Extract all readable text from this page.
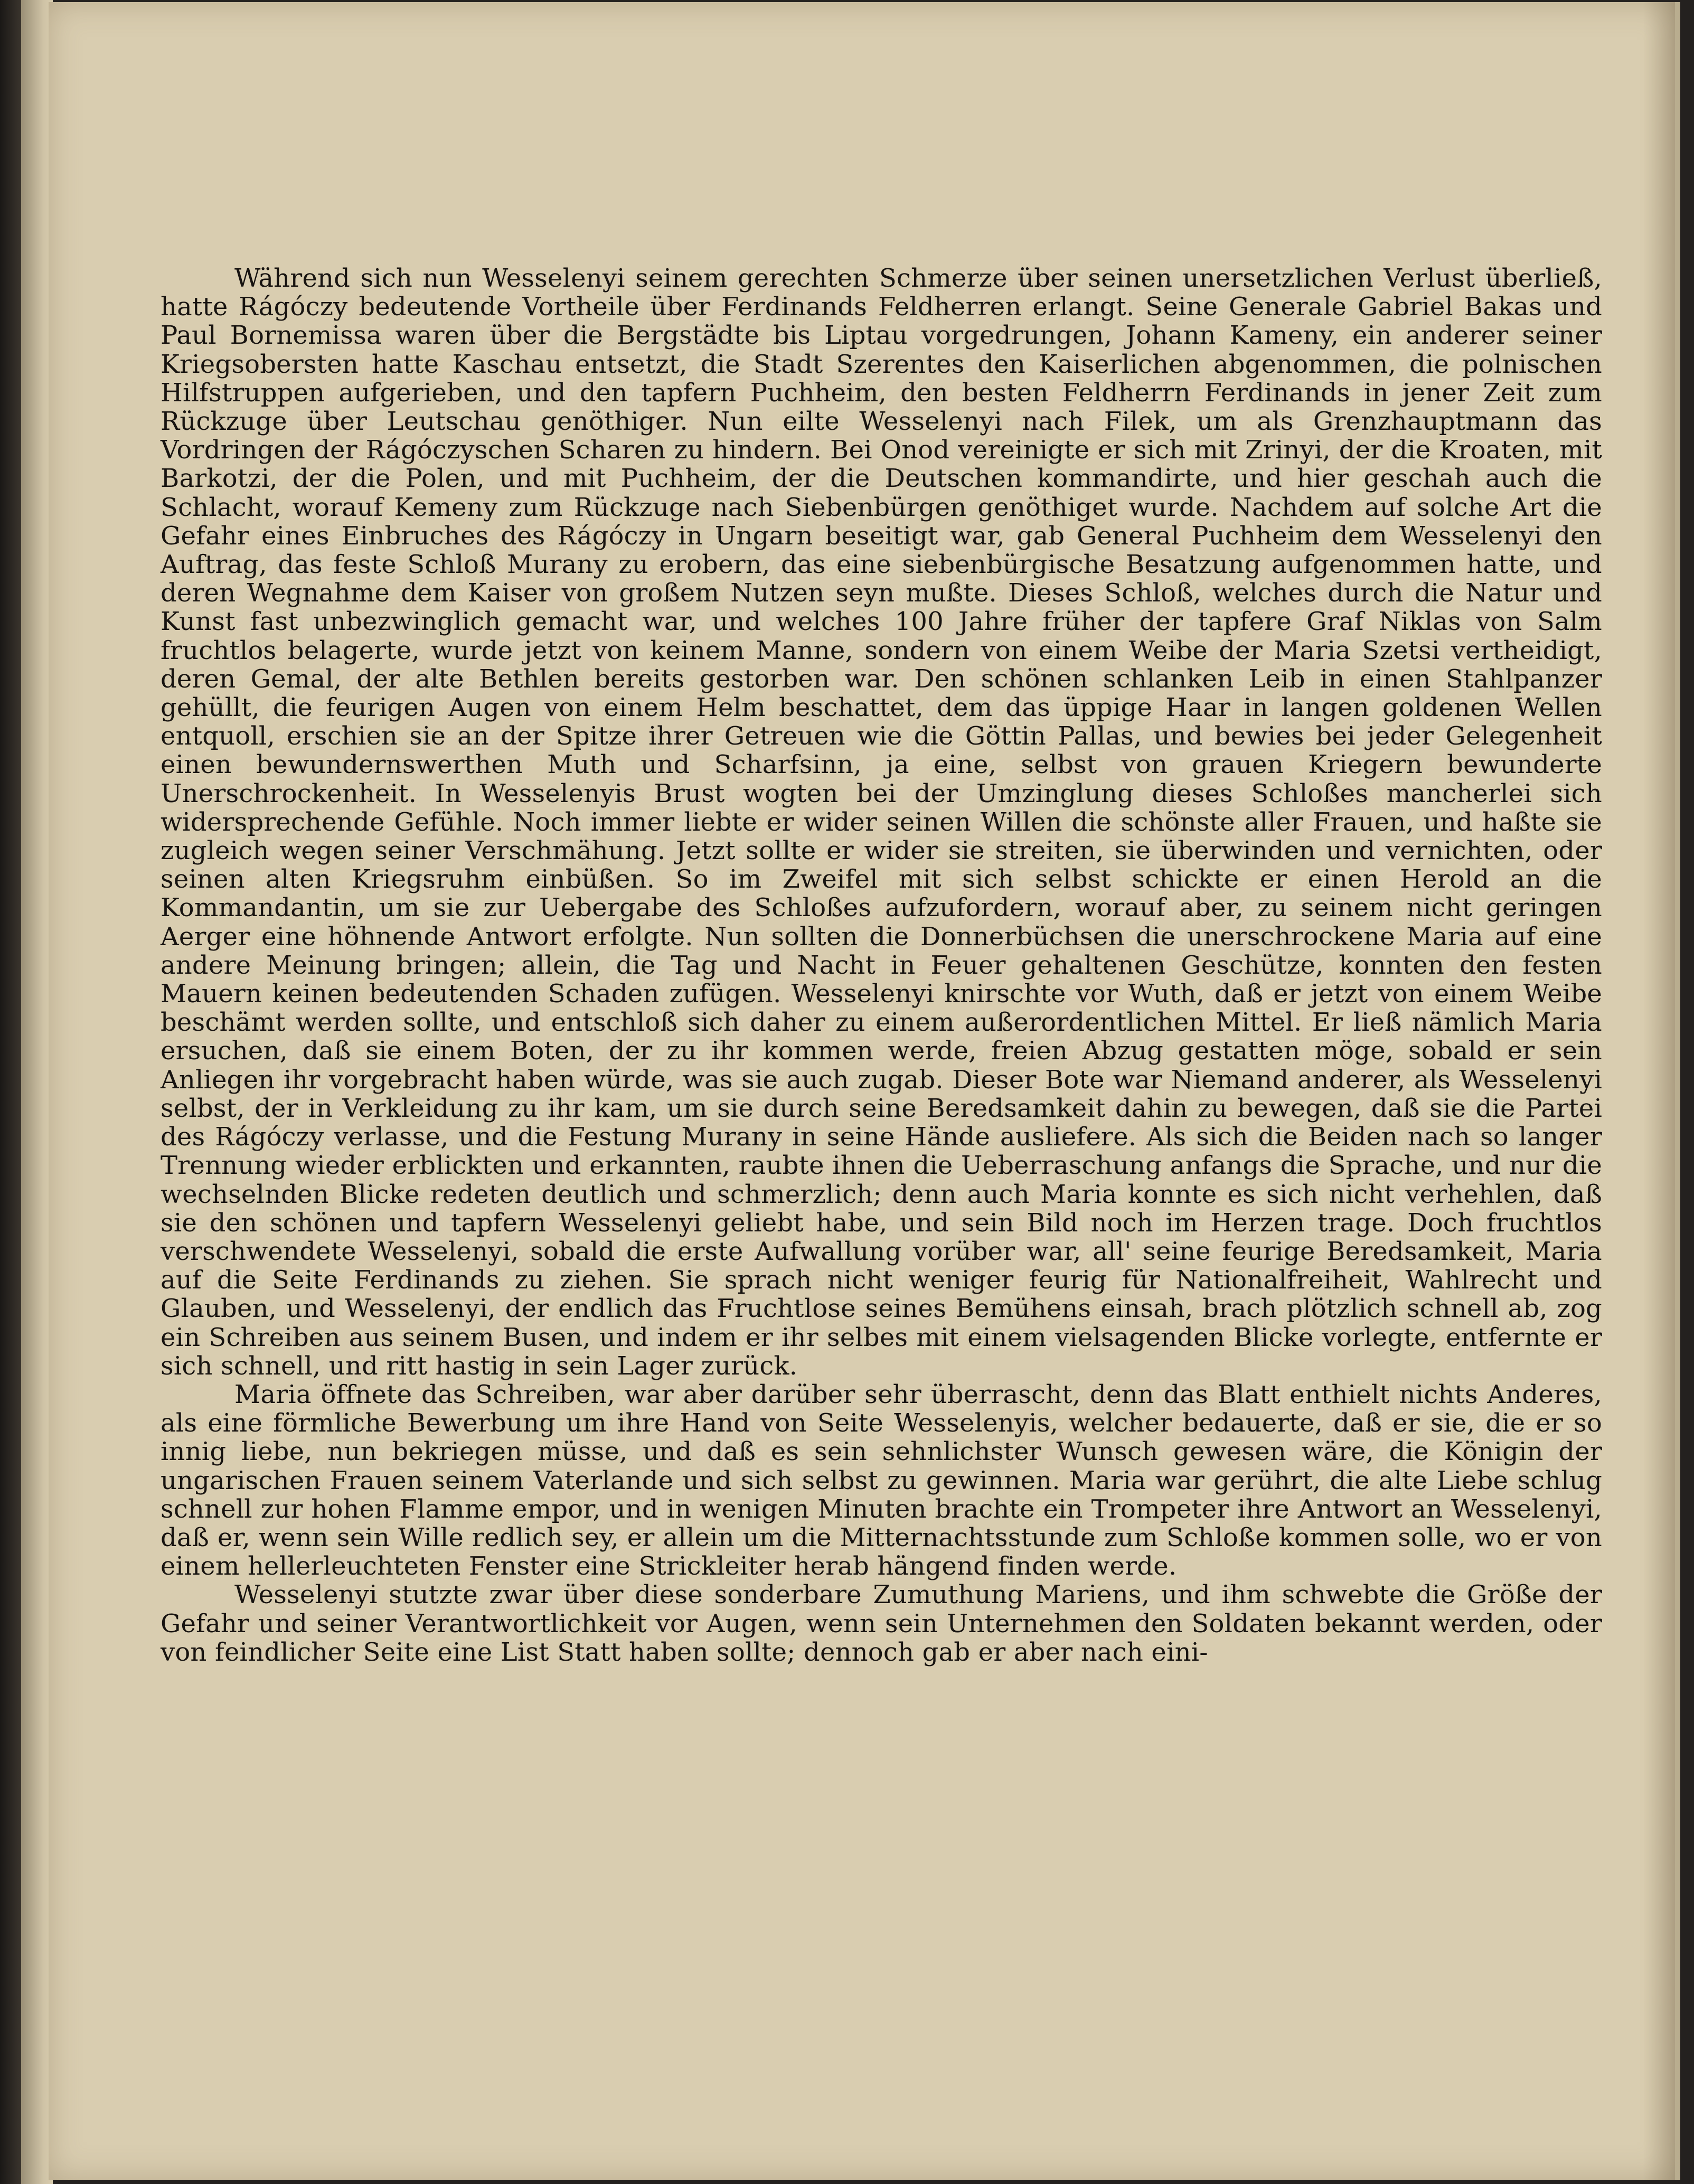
Während sich nun Wesselenyi seinem gerechten Schmerze über seinen unersetzlichen Verlust überließ, hatte Rágóczy bedeutende Vortheile über Ferdinands Feldherren erlangt. Seine Generale Gabriel Bakas und Paul Bornemissa waren über die Bergstädte bis Liptau vorgedrungen, Johann Kameny, ein anderer seiner Kriegsobersten hatte Kaschau entsetzt, die Stadt Szerentes den Kaiserlichen abgenommen, die polnischen Hilfstruppen aufgerieben, und den tapfern Puchheim, den besten Feldherrn Ferdinands in jener Zeit zum Rückzuge über Leutschau genöthiger. Nun eilte Wesselenyi nach Filek, um als Grenzhauptmann das Vordringen der Rágóczyschen Scharen zu hindern. Bei Onod vereinigte er sich mit Zrinyi, der die Kroaten, mit Barkotzi, der die Polen, und mit Puchheim, der die Deutschen kommandirte, und hier geschah auch die Schlacht, worauf Kemeny zum Rückzuge nach Siebenbürgen genöthiget wurde. Nachdem auf solche Art die Gefahr eines Einbruches des Rágóczy in Ungarn beseitigt war, gab General Puchheim dem Wesselenyi den Auftrag, das feste Schloß Murany zu erobern, das eine siebenbürgische Besatzung aufgenommen hatte, und deren Wegnahme dem Kaiser von großem Nutzen seyn mußte. Dieses Schloß, welches durch die Natur und Kunst fast unbezwinglich gemacht war, und welches 100 Jahre früher der tapfere Graf Niklas von Salm fruchtlos belagerte, wurde jetzt von keinem Manne, sondern von einem Weibe der Maria Szetsi vertheidigt, deren Gemal, der alte Bethlen bereits gestorben war. Den schönen schlanken Leib in einen Stahlpanzer gehüllt, die feurigen Augen von einem Helm beschattet, dem das üppige Haar in langen goldenen Wellen entquoll, erschien sie an der Spitze ihrer Getreuen wie die Göttin Pallas, und bewies bei jeder Gelegenheit einen bewundernswerthen Muth und Scharfsinn, ja eine, selbst von grauen Kriegern bewunderte Unerschrockenheit. In Wesselenyis Brust wogten bei der Umzinglung dieses Schloßes mancherlei sich widersprechende Gefühle. Noch immer liebte er wider seinen Willen die schönste aller Frauen, und haßte sie zugleich wegen seiner Verschmähung. Jetzt sollte er wider sie streiten, sie überwinden und vernichten, oder seinen alten Kriegsruhm einbüßen. So im Zweifel mit sich selbst schickte er einen Herold an die Kommandantin, um sie zur Uebergabe des Schloßes aufzufordern, worauf aber, zu seinem nicht geringen Aerger eine höhnende Antwort erfolgte. Nun sollten die Donnerbüchsen die unerschrockene Maria auf eine andere Meinung bringen; allein, die Tag und Nacht in Feuer gehaltenen Geschütze, konnten den festen Mauern keinen bedeutenden Schaden zufügen. Wesselenyi knirschte vor Wuth, daß er jetzt von einem Weibe beschämt werden sollte, und entschloß sich daher zu einem außerordentlichen Mittel. Er ließ nämlich Maria ersuchen, daß sie einem Boten, der zu ihr kommen werde, freien Abzug gestatten möge, sobald er sein Anliegen ihr vorgebracht haben würde, was sie auch zugab. Dieser Bote war Niemand anderer, als Wesselenyi selbst, der in Verkleidung zu ihr kam, um sie durch seine Beredsamkeit dahin zu bewegen, daß sie die Partei des Rágóczy verlasse, und die Festung Murany in seine Hände ausliefere. Als sich die Beiden nach so langer Trennung wieder erblickten und erkannten, raubte ihnen die Ueberraschung anfangs die Sprache, und nur die wechselnden Blicke redeten deutlich und schmerzlich; denn auch Maria konnte es sich nicht verhehlen, daß sie den schönen und tapfern Wesselenyi geliebt habe, und sein Bild noch im Herzen trage. Doch fruchtlos verschwendete Wesselenyi, sobald die erste Aufwallung vorüber war, all' seine feurige Beredsamkeit, Maria auf die Seite Ferdinands zu ziehen. Sie sprach nicht weniger feurig für Nationalfreiheit, Wahlrecht und Glauben, und Wesselenyi, der endlich das Fruchtlose seines Bemühens einsah, brach plötzlich schnell ab, zog ein Schreiben aus seinem Busen, und indem er ihr selbes mit einem vielsagenden Blicke vorlegte, entfernte er sich schnell, und ritt hastig in sein Lager zurück.

Maria öffnete das Schreiben, war aber darüber sehr überrascht, denn das Blatt enthielt nichts Anderes, als eine förmliche Bewerbung um ihre Hand von Seite Wesselenyis, welcher bedauerte, daß er sie, die er so innig liebe, nun bekriegen müsse, und daß es sein sehnlichster Wunsch gewesen wäre, die Königin der ungarischen Frauen seinem Vaterlande und sich selbst zu gewinnen. Maria war gerührt, die alte Liebe schlug schnell zur hohen Flamme empor, und in wenigen Minuten brachte ein Trompeter ihre Antwort an Wesselenyi, daß er, wenn sein Wille redlich sey, er allein um die Mitternachtsstunde zum Schloße kommen solle, wo er von einem hellerleuchteten Fenster eine Strickleiter herab hängend finden werde.

Wesselenyi stutzte zwar über diese sonderbare Zumuthung Mariens, und ihm schwebte die Größe der Gefahr und seiner Verantwortlichkeit vor Augen, wenn sein Unternehmen den Soldaten bekannt werden, oder von feindlicher Seite eine List Statt haben sollte; dennoch gab er aber nach eini-
